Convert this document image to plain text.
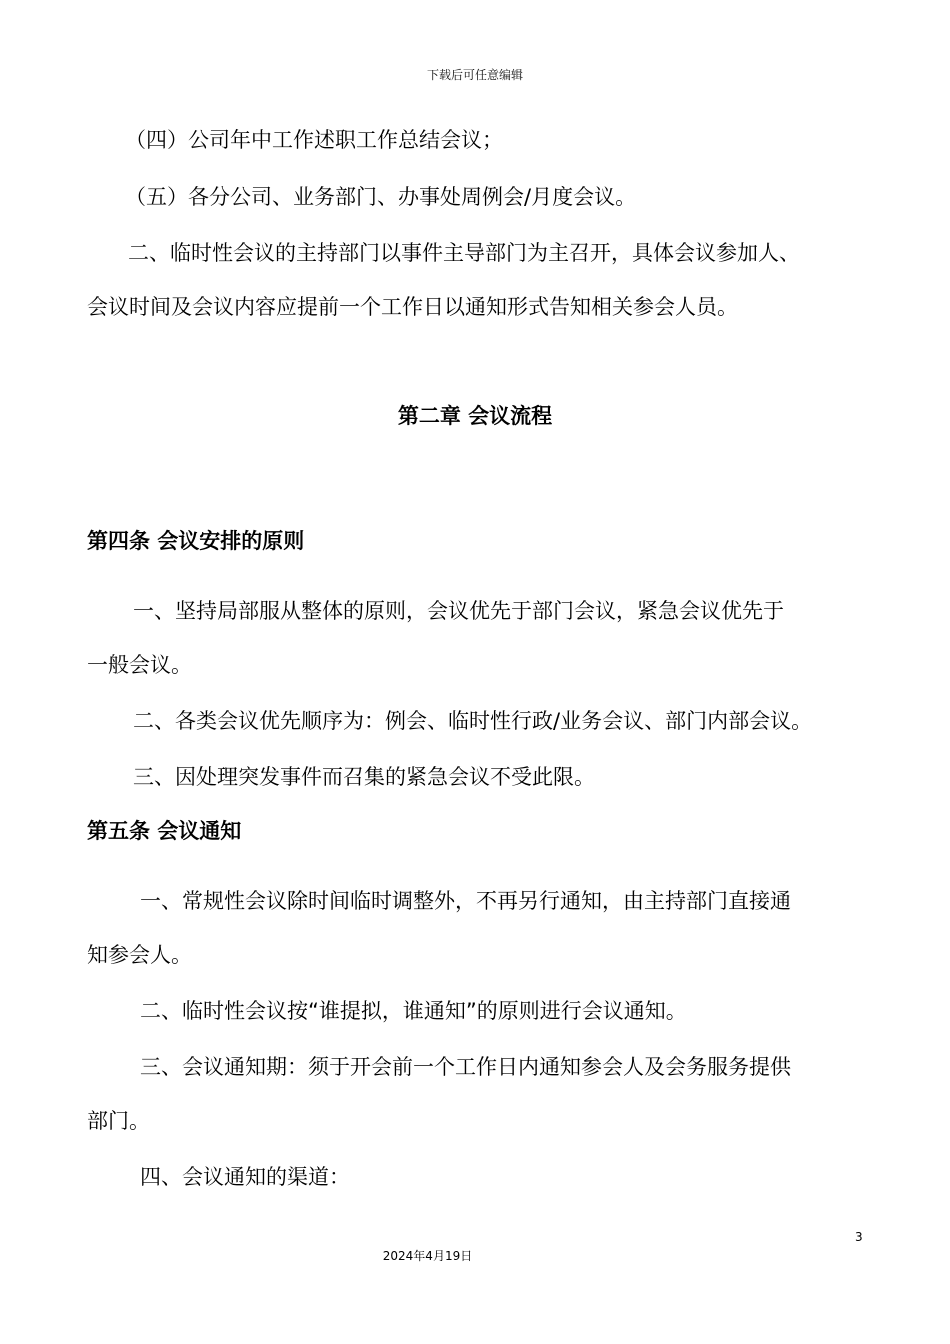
下载后可任意编辑
（四）公司年中工作述职工作总结会议；
（五）各分公司、业务部门、办事处周例会/月度会议。
二、临时性会议的主持部门以事件主导部门为主召开，具体会议参加人、
会议时间及会议内容应提前一个工作日以通知形式告知相关参会人员。
第二章 会议流程
第四条 会议安排的原则
一、坚持局部服从整体的原则，会议优先于部门会议，紧急会议优先于
一般会议。
二、各类会议优先顺序为：例会、临时性行政/业务会议、部门内部会议。
三、因处理突发事件而召集的紧急会议不受此限。
第五条 会议通知
一、常规性会议除时间临时调整外，不再另行通知，由主持部门直接通
知参会人。
二、临时性会议按“谁提拟，谁通知”的原则进行会议通知。
三、会议通知期：须于开会前一个工作日内通知参会人及会务服务提供
部门。
四、会议通知的渠道：
3
2024年4月19日
